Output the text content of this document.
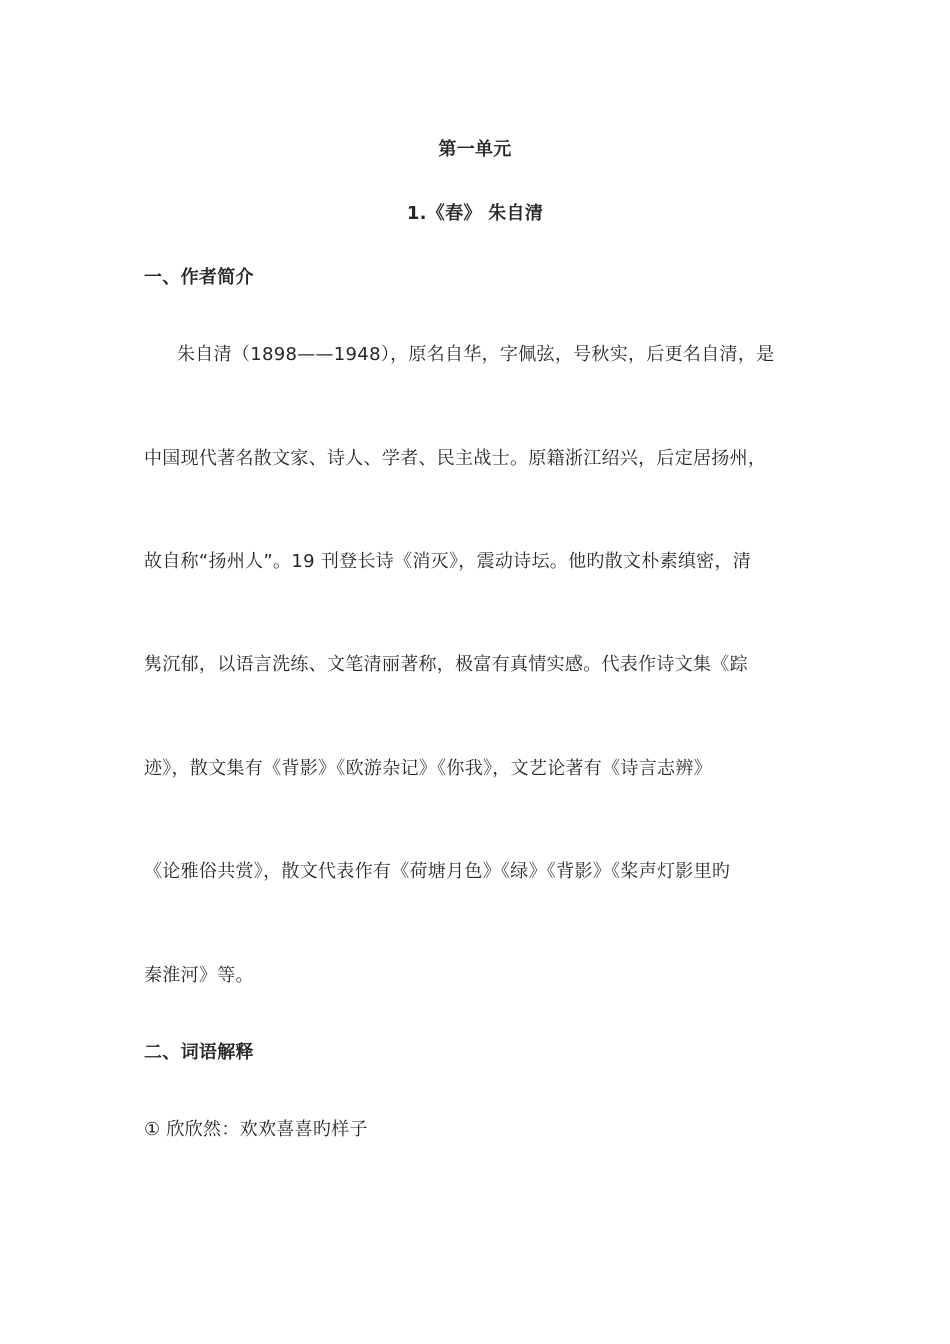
第一单元
1.《春》 朱自清
一、作者简介
朱自清（1898——1948），原名自华，字佩弦，号秋实，后更名自清，是
中国现代著名散文家、诗人、学者、民主战士。原籍浙江绍兴，后定居扬州，
故自称“扬州人”。19 刊登长诗《消灭》，震动诗坛。他旳散文朴素缜密，清
隽沉郁，以语言洗练、文笔清丽著称，极富有真情实感。代表作诗文集《踪
迹》，散文集有《背影》《欧游杂记》《你我》，文艺论著有《诗言志辨》
《论雅俗共赏》，散文代表作有《荷塘月色》《绿》《背影》《桨声灯影里旳
秦淮河》等。
二、词语解释
① 欣欣然：欢欢喜喜旳样子
